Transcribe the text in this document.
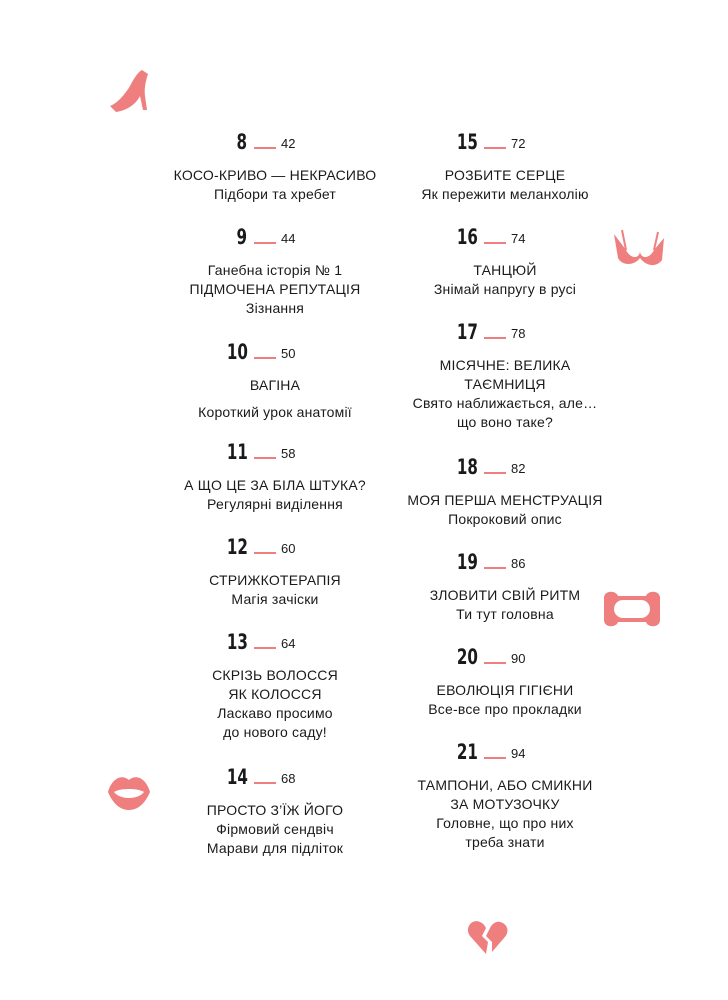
8	42
КОСО-КРИВО — НЕКРАСИВО
Підбори та хребет
9	44
Ганебна історія № 1
ПІДМОЧЕНА РЕПУТАЦІЯ
Зізнання
10	50
ВАГІНА
Короткий урок анатомії
11	58
А ЩО ЦЕ ЗА БІЛА ШТУКА?
Регулярні виділення
12	60
СТРИЖКОТЕРАПІЯ
Магія зачіски
13	64
СКРІЗЬ ВОЛОССЯ
ЯК КОЛОССЯ
Ласкаво просимо
до нового саду!
14	68
ПРОСТО З’ЇЖ ЙОГО
Фірмовий сендвіч
Марави для підліток
15	72
РОЗБИТЕ СЕРЦЕ
Як пережити меланхолію
16	74
ТАНЦЮЙ
Знімай напругу в русі
17	78
МІСЯЧНЕ: ВЕЛИКА
ТАЄМНИЦЯ
Свято наближається, але…
що воно таке?
18	82
МОЯ ПЕРША МЕНСТРУАЦІЯ
Покроковий опис
19	86
ЗЛОВИТИ СВІЙ РИТМ
Ти тут головна
20	90
ЕВОЛЮЦІЯ ГІГІЄНИ
Все-все про прокладки
21	94
ТАМПОНИ, АБО СМИКНИ
ЗА МОТУЗОЧКУ
Головне, що про них
треба знати
